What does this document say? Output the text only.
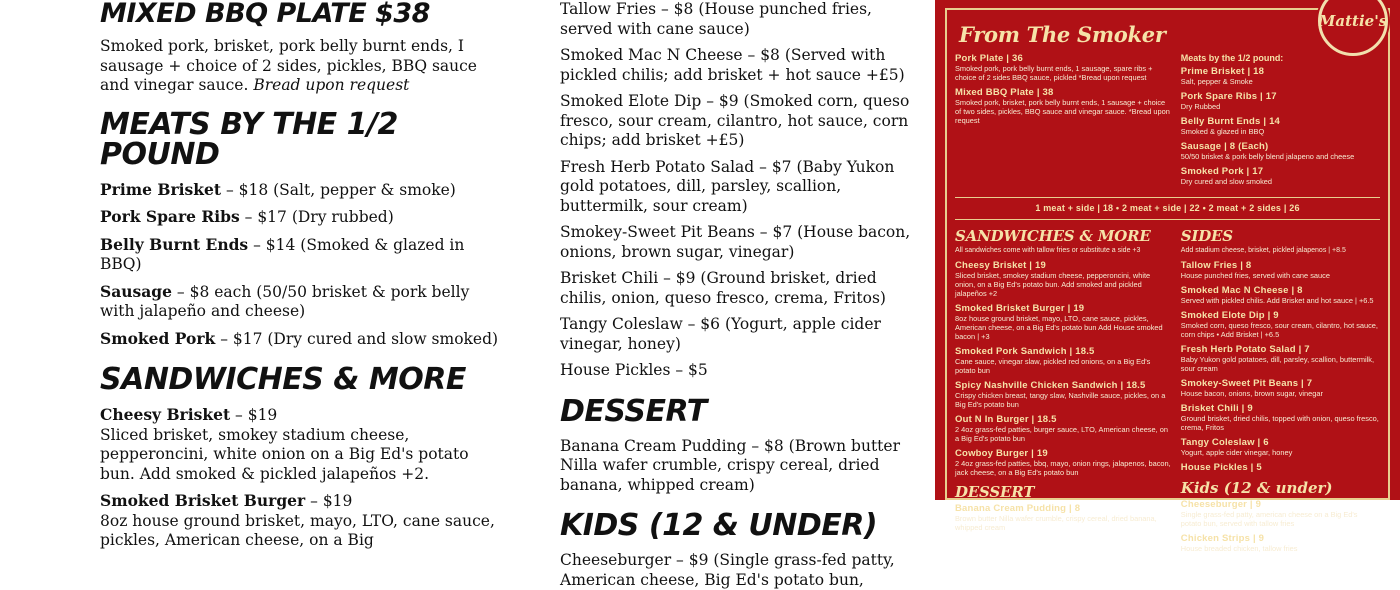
MIXED BBQ PLATE $38

Smoked pork, brisket, pork belly burnt ends, I sausage + choice of 2 sides, pickles, BBQ sauce and vinegar sauce. Bread upon request

MEATS BY THE 1/2 POUND
Prime Brisket – $18 (Salt, pepper & smoke)
Pork Spare Ribs – $17 (Dry rubbed)
Belly Burnt Ends – $14 (Smoked & glazed in BBQ)
Sausage – $8 each (50/50 brisket & pork belly with jalapeño and cheese)
Smoked Pork – $17 (Dry cured and slow smoked)
SANDWICHES & MORE
Cheesy Brisket – $19
Sliced brisket, smokey stadium cheese, pepperoncini, white onion on a Big Ed's potato bun. Add smoked & pickled jalapeños +2.
Smoked Brisket Burger – $19
8oz house ground brisket, mayo, LTO, cane sauce, pickles, American cheese, on a Big
Tallow Fries – $8 (House punched fries, served with cane sauce)
Smoked Mac N Cheese – $8 (Served with pickled chilis; add brisket + hot sauce +£5)
Smoked Elote Dip – $9 (Smoked corn, queso fresco, sour cream, cilantro, hot sauce, corn chips; add brisket +£5)
Fresh Herb Potato Salad – $7 (Baby Yukon gold potatoes, dill, parsley, scallion, buttermilk, sour cream)
Smokey-Sweet Pit Beans – $7 (House bacon, onions, brown sugar, vinegar)
Brisket Chili – $9 (Ground brisket, dried chilis, onion, queso fresco, crema, Fritos)
Tangy Coleslaw – $6 (Yogurt, apple cider vinegar, honey)
House Pickles – $5
DESSERT
Banana Cream Pudding – $8 (Brown butter Nilla wafer crumble, crispy cereal, dried banana, whipped cream)
KIDS (12 & UNDER)
Cheeseburger – $9 (Single grass-fed patty, American cheese, Big Ed's potato bun,
Mattie's
From The Smoker
Pork Plate | 36
Smoked pork, pork belly burnt ends, 1 sausage, spare ribs + choice of 2 sides BBQ sauce, pickled *Bread upon request
Mixed BBQ Plate | 38
Smoked pork, brisket, pork belly burnt ends, 1 sausage + choice of two sides, pickles, BBQ sauce and vinegar sauce. *Bread upon request
Meats by the 1/2 pound:
Prime Brisket | 18
Salt, pepper & Smoke
Pork Spare Ribs | 17
Dry Rubbed
Belly Burnt Ends | 14
Smoked & glazed in BBQ
Sausage | 8 (Each)
50/50 brisket & pork belly blend jalapeno and cheese
Smoked Pork | 17
Dry cured and slow smoked
1 meat + side | 18 • 2 meat + side | 22 • 2 meat + 2 sides | 26
SANDWICHES & MORE
All sandwiches come with tallow fries or substitute a side +3
Cheesy Brisket | 19
Sliced brisket, smokey stadium cheese, pepperoncini, white onion, on a Big Ed's potato bun. Add smoked and pickled jalapeños +2
Smoked Brisket Burger | 19
8oz house ground brisket, mayo, LTO, cane sauce, pickles, American cheese, on a Big Ed's potato bun Add House smoked bacon | +3
Smoked Pork Sandwich | 18.5
Cane sauce, vinegar slaw, pickled red onions, on a Big Ed's potato bun
Spicy Nashville Chicken Sandwich | 18.5
Crispy chicken breast, tangy slaw, Nashville sauce, pickles, on a Big Ed's potato bun
Out N In Burger | 18.5
2 4oz grass-fed patties, burger sauce, LTO, American cheese, on a Big Ed's potato bun
Cowboy Burger | 19
2 4oz grass-fed patties, bbq, mayo, onion rings, jalapenos, bacon, jack cheese, on a Big Ed's potato bun
DESSERT
Banana Cream Pudding | 8
Brown butter Nilla wafer crumble, crispy cereal, dried banana, whipped cream
SIDES
Add stadium cheese, brisket, pickled jalapenos | +8.5
Tallow Fries | 8
House punched fries, served with cane sauce
Smoked Mac N Cheese | 8
Served with pickled chilis. Add Brisket and hot sauce | +6.5
Smoked Elote Dip | 9
Smoked corn, queso fresco, sour cream, cilantro, hot sauce, corn chips • Add Brisket | +6.5
Fresh Herb Potato Salad | 7
Baby Yukon gold potatoes, dill, parsley, scallion, buttermilk, sour cream
Smokey-Sweet Pit Beans | 7
House bacon, onions, brown sugar, vinegar
Brisket Chili | 9
Ground brisket, dried chilis, topped with onion, queso fresco, crema, Fritos
Tangy Coleslaw | 6
Yogurt, apple cider vinegar, honey
House Pickles | 5
Kids (12 & under)
Cheeseburger | 9
Single grass-fed patty, american cheese on a Big Ed's potato bun, served with tallow fries
Chicken Strips | 9
House breaded chicken, tallow fries
